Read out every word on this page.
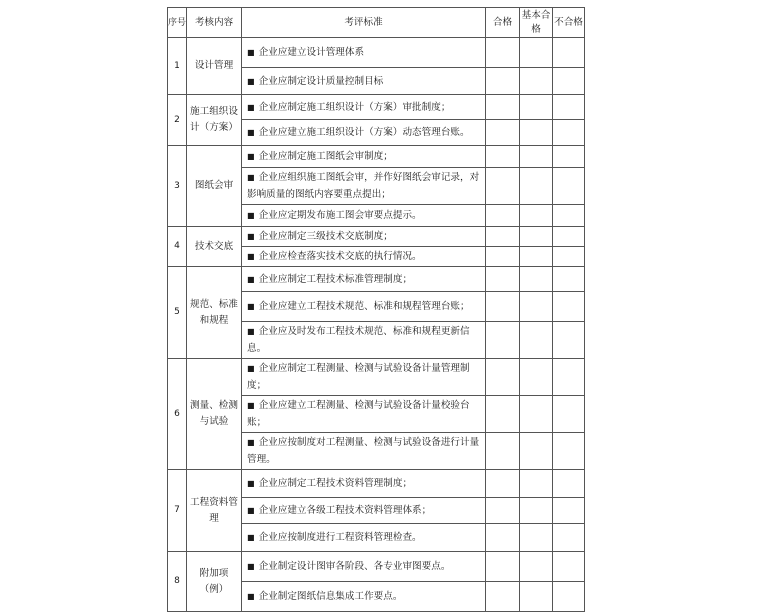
序号	考核内容	考评标准	合格	基本合格	不合格
1	设计管理	■ 企业应建立设计管理体系			
		■ 企业应制定设计质量控制目标			
2	施工组织设计（方案）	■ 企业应制定施工组织设计（方案）审批制度；			
		■ 企业应建立施工组织设计（方案）动态管理台账。			
3	图纸会审	■ 企业应制定施工图纸会审制度；			
		■ 企业应组织施工图纸会审，并作好图纸会审记录，对影响质量的图纸内容要重点提出；			
		■ 企业应定期发布施工图会审要点提示。			
4	技术交底	■ 企业应制定三级技术交底制度；			
		■ 企业应检查落实技术交底的执行情况。			
5	规范、标准和规程	■ 企业应制定工程技术标准管理制度；			
		■ 企业应建立工程技术规范、标准和规程管理台账；			
		■ 企业应及时发布工程技术规范、标准和规程更新信息。			
6	测量、检测与试验	■ 企业应制定工程测量、检测与试验设备计量管理制度；			
		■ 企业应建立工程测量、检测与试验设备计量校验台账；			
		■ 企业应按制度对工程测量、检测与试验设备进行计量管理。			
7	工程资料管理	■ 企业应制定工程技术资料管理制度；			
		■ 企业应建立各级工程技术资料管理体系；			
		■ 企业应按制度进行工程资料管理检查。			
8	附加项（例）	■ 企业制定设计图审各阶段、各专业审图要点。			
		■ 企业制定图纸信息集成工作要点。			
